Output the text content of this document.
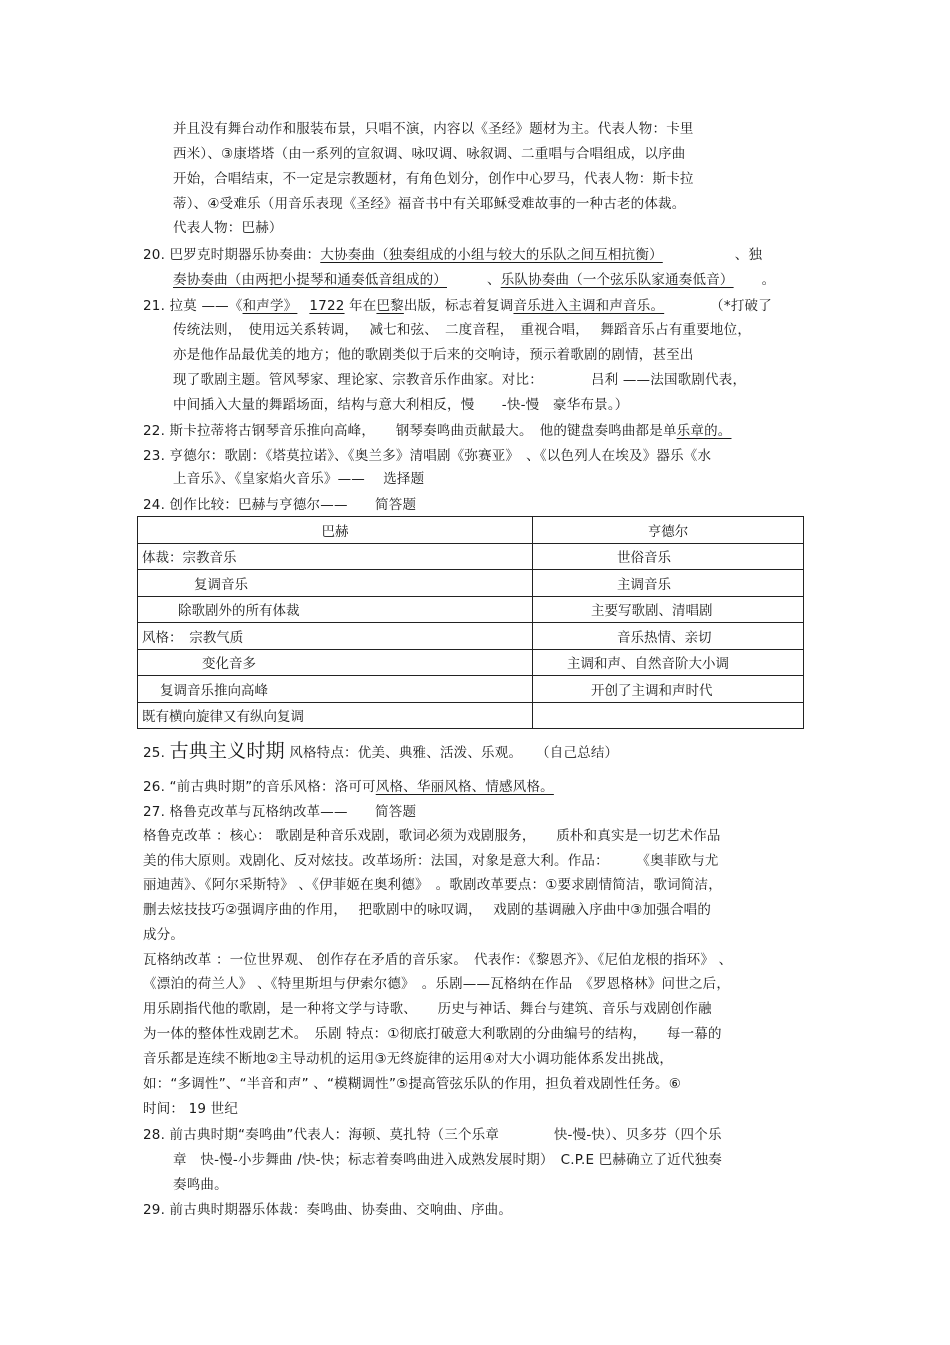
并且没有舞台动作和服装布景，只唱不演，内容以《圣经》题材为主。代表人物：卡里
西米）、③康塔塔（由一系列的宣叙调、咏叹调、咏叙调、二重唱与合唱组成，以序曲
开始，合唱结束，不一定是宗教题材，有角色划分，创作中心罗马，代表人物：斯卡拉
蒂）、④受难乐（用音乐表现《圣经》福音书中有关耶稣受难故事的一种古老的体裁。
代表人物：巴赫）
20. 巴罗克时期器乐协奏曲：大协奏曲（独奏组成的小组与较大的乐队之间互相抗衡）	、独
奏协奏曲（由两把小提琴和通奏低音组成的）	、乐队协奏曲（一个弦乐队家通奏低音） 。
21. 拉莫 ——《和声学》 1722 年在巴黎出版，标志着复调音乐进入主调和声音乐。	（*打破了
传统法则，　使用远关系转调，　 减七和弦、　二度音程，　重视合唱，　 舞蹈音乐占有重要地位，
亦是他作品最优美的地方；他的歌剧类似于后来的交响诗，预示着歌剧的剧情，甚至出
现了歌剧主题。管风琴家、理论家、宗教音乐作曲家。对比：　　　　吕利 ——法国歌剧代表，
中间插入大量的舞蹈场面，结构与意大利相反，慢　　-快-慢　豪华布景。）
22. 斯卡拉蒂将古钢琴音乐推向高峰，　　钢琴奏鸣曲贡献最大。　他的键盘奏鸣曲都是单乐章的。
23. 亨德尔：歌剧：《塔莫拉诺》、《奥兰多》清唱剧《弥赛亚》　、《以色列人在埃及》器乐《水
上音乐》、《皇家焰火音乐》——　 选择题
24. 创作比较：巴赫与亨德尔——　　简答题
巴赫	亨德尔
体裁：宗教音乐	世俗音乐
复调音乐	主调音乐
除歌剧外的所有体裁	主要写歌剧、清唱剧
风格：　宗教气质	音乐热情、亲切
变化音多	主调和声、自然音阶大小调
复调音乐推向高峰	开创了主调和声时代
既有横向旋律又有纵向复调	
25. 古典主义时期 风格特点：优美、典雅、活泼、乐观。　　（自己总结）
26. “前古典时期”的音乐风格：洛可可风格、华丽风格、情感风格。
27. 格鲁克改革与瓦格纳改革——　　简答题
格鲁克改革 ：核心： 歌剧是种音乐戏剧，歌词必须为戏剧服务，　　质朴和真实是一切艺术作品
美的伟大原则。戏剧化、反对炫技。改革场所：法国，对象是意大利。作品：　　　《奥菲欧与尤
丽迪茜》、《阿尔采斯特》 、《伊菲姬在奥利德》　。歌剧改革要点：①要求剧情简洁，歌词简洁，
删去炫技技巧②强调序曲的作用，　 把歌剧中的咏叹调，　 戏剧的基调融入序曲中③加强合唱的
成分。
瓦格纳改革 ：一位世界观、 创作存在矛盾的音乐家。　代表作：《黎恩齐》、《尼伯龙根的指环》 、
《漂泊的荷兰人》 、《特里斯坦与伊索尔德》　。乐剧——瓦格纳在作品　《罗恩格林》问世之后，
用乐剧指代他的歌剧，是一种将文学与诗歌、　　历史与神话、舞台与建筑、音乐与戏剧创作融
为一体的整体性戏剧艺术。　乐剧 特点：①彻底打破意大利歌剧的分曲编号的结构，　　每一幕的
音乐都是连续不断地②主导动机的运用③无终旋律的运用④对大小调功能体系发出挑战，
如：“多调性”、“半音和声” 、“模糊调性”⑤提高管弦乐队的作用，担负着戏剧性任务。⑥
时间： 19 世纪
28. 前古典时期“奏鸣曲”代表人：海顿、莫扎特（三个乐章　　　　快-慢-快）、贝多芬（四个乐
章　快-慢-小步舞曲 /快-快；标志着奏鸣曲进入成熟发展时期）　C.P.E 巴赫确立了近代独奏
奏鸣曲。
29. 前古典时期器乐体裁：奏鸣曲、协奏曲、交响曲、序曲。
